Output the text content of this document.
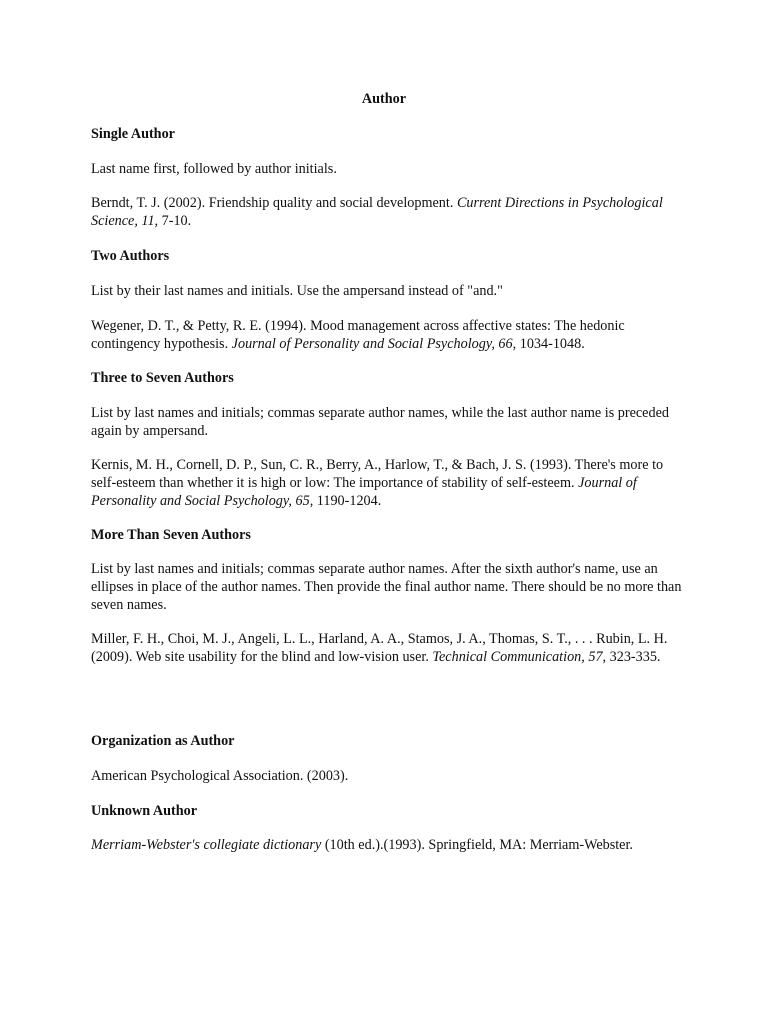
Author

Single Author

Last name first, followed by author initials.

Berndt, T. J. (2002). Friendship quality and social development. Current Directions in Psychological Science, 11, 7-10.

Two Authors

List by their last names and initials. Use the ampersand instead of "and."

Wegener, D. T., & Petty, R. E. (1994). Mood management across affective states: The hedonic contingency hypothesis. Journal of Personality and Social Psychology, 66, 1034-1048.

Three to Seven Authors

List by last names and initials; commas separate author names, while the last author name is preceded again by ampersand.

Kernis, M. H., Cornell, D. P., Sun, C. R., Berry, A., Harlow, T., & Bach, J. S. (1993). There's more to self-esteem than whether it is high or low: The importance of stability of self-esteem. Journal of Personality and Social Psychology, 65, 1190-1204.

More Than Seven Authors

List by last names and initials; commas separate author names. After the sixth author's name, use an ellipses in place of the author names. Then provide the final author name. There should be no more than seven names.

Miller, F. H., Choi, M. J., Angeli, L. L., Harland, A. A., Stamos, J. A., Thomas, S. T., . . . Rubin, L. H. (2009). Web site usability for the blind and low-vision user. Technical Communication, 57, 323-335.

Organization as Author

American Psychological Association. (2003).

Unknown Author

Merriam-Webster's collegiate dictionary (10th ed.).(1993). Springfield, MA: Merriam-Webster.
